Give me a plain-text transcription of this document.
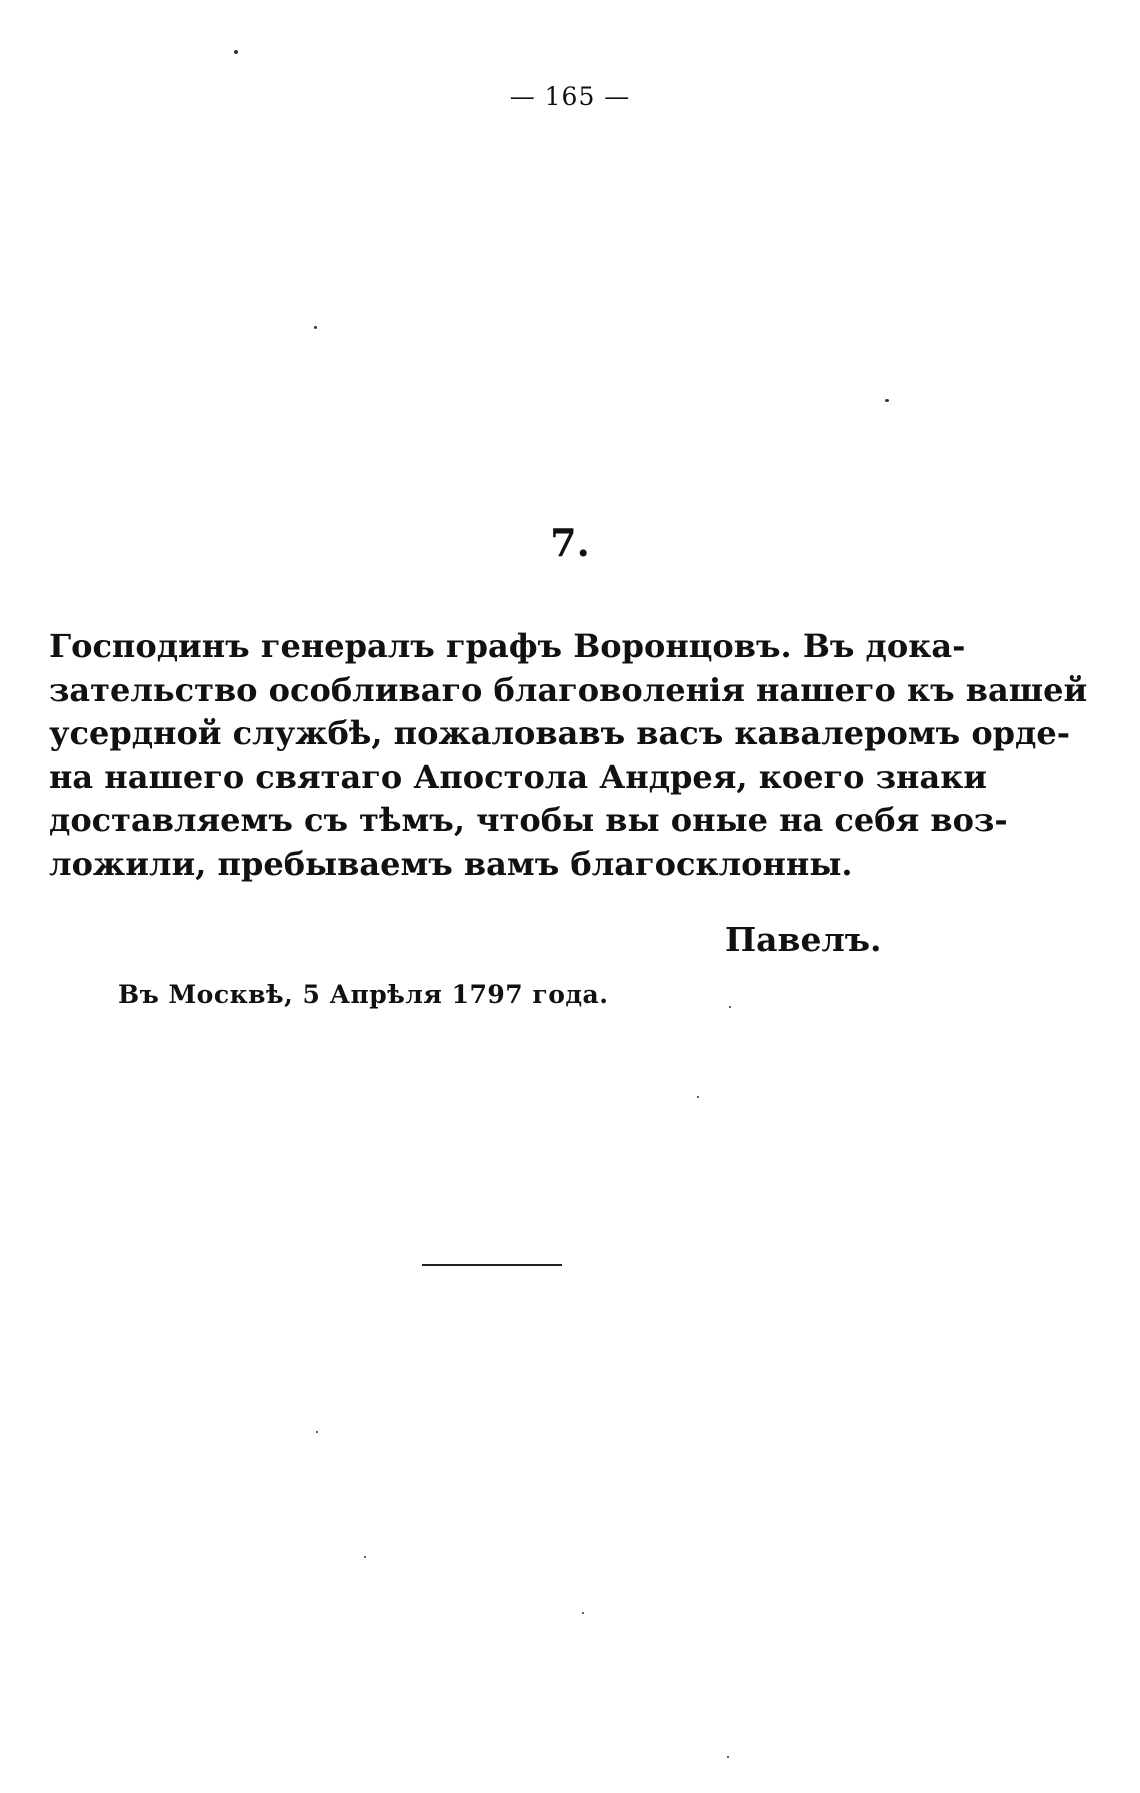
— 165 —
7.

Господинъ генералъ графъ Воронцовъ. Въ дока-
зательство особливаго благоволенія нашего къ вашей
усердной службѣ, пожаловавъ васъ кавалеромъ орде-
на нашего святаго Апостола Андрея, коего знаки
доставляемъ съ тѣмъ, чтобы вы оные на себя воз-
ложили, пребываемъ вамъ благосклонны.

Павелъ.
Въ Москвѣ, 5 Апрѣля 1797 года.
